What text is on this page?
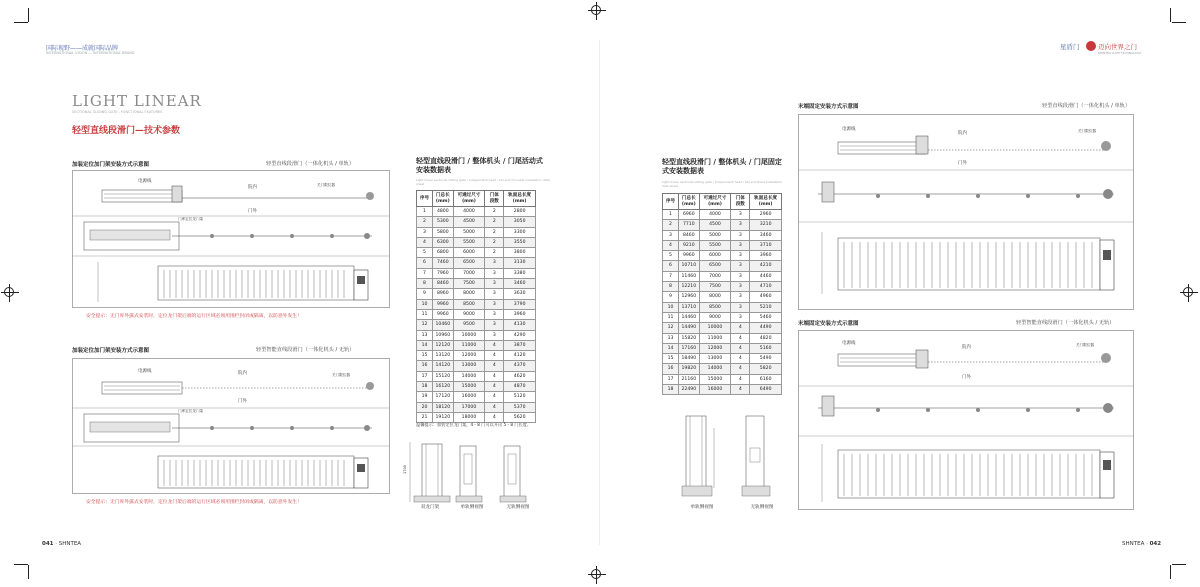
国际视野——成就国际品牌
INTERNATIONAL VISION — INTERNATIONAL BRAND
LIGHT LINEAR
SECTIONAL SLIDING GATE - FUNCTIONAL FEATURES
轻型直线段滑门—技术参数
加装定位加门架安装方式示意图	轻型直线段滑门（一体化机头 / 单轨）
电源线
院内
门外
关门限位器
门库定位龙门架
安全提示：无门库外露式安装时，定位龙门架后端的运行区域必须用围栏封闭或隔离，以防意外发生！
加装定位加门架安装方式示意图	轻型智能直线段滑门（一体化机头 / 无轨）
电源线	院内
门外
关门限位器
门库定位龙门架
安全提示：无门库外露式安装时，定位龙门架后端的运行区域必须用围栏封闭或隔离，以防意外发生！
轻型直线段滑门 / 整体机头 / 门尾活动式安装数据表
Light linear sectional sliding gate / independent head / tail-end movable installation data sheet
序号	门总长
(mm)	可通过尺寸
(mm)	门体
段数	轨面总长度
(mm)
1	4800	4000	2	2800
2	5300	4500	2	3050
3	5800	5000	2	3300
4	6300	5500	2	3550
5	6800	6000	2	3800
6	7460	6500	3	3130
7	7960	7000	3	3380
8	8460	7500	3	3460
9	8960	8000	3	3630
10	9960	8500	3	3790
11	9960	9000	3	3960
12	10460	9500	3	4130
13	10960	10000	3	4290
14	12120	11000	4	3870
15	13120	12000	4	4120
16	14120	13000	4	4370
17	15120	14000	4	4620
18	16120	15000	4	4870
19	17120	16000	4	5120
20	18120	17000	4	5370
21	19120	18000	4	5620
温馨提示：加装定位龙门架，4 - 8 门可以开出 5 - 8 门长度。
1700
双龙门架	单轨侧视图	无轨侧视图
041 · SHNTEA
星盾门	迈向世界之门
SHINTEA GATE TECHNOLOGY
轻型直线段滑门 / 整体机头 / 门尾固定式安装数据表
Light linear sectional sliding gate / independent head / tail-end fixed installation data sheet
序号	门总长
(mm)	可通过尺寸
(mm)	门体
段数	轨面总长度
(mm)
1	6960	4000	3	2960
2	7710	4500	3	3210
3	8460	5000	3	3460
4	9210	5500	3	3710
5	9960	6000	3	3960
6	10710	6500	3	4210
7	11460	7000	3	4460
8	12210	7500	3	4710
9	12960	8000	3	4960
10	13710	8500	3	5210
11	14460	9000	3	5460
12	14490	10000	4	4490
13	15820	11000	4	4820
14	17160	12000	4	5160
15	18490	13000	4	5490
16	19820	14000	4	5820
17	21160	15000	4	6160
18	22490	16000	4	6490
单轨侧视图	无轨侧视图
末端固定安装方式示意图	轻型直线段滑门（一体化机头 / 单轨）
电源线
院内
门外
关门限位器
末端固定安装方式示意图	轻型智能直线段滑门（一体化机头 / 无轨）
电源线
院内
门外
关门限位器
SHNTEA · 042
